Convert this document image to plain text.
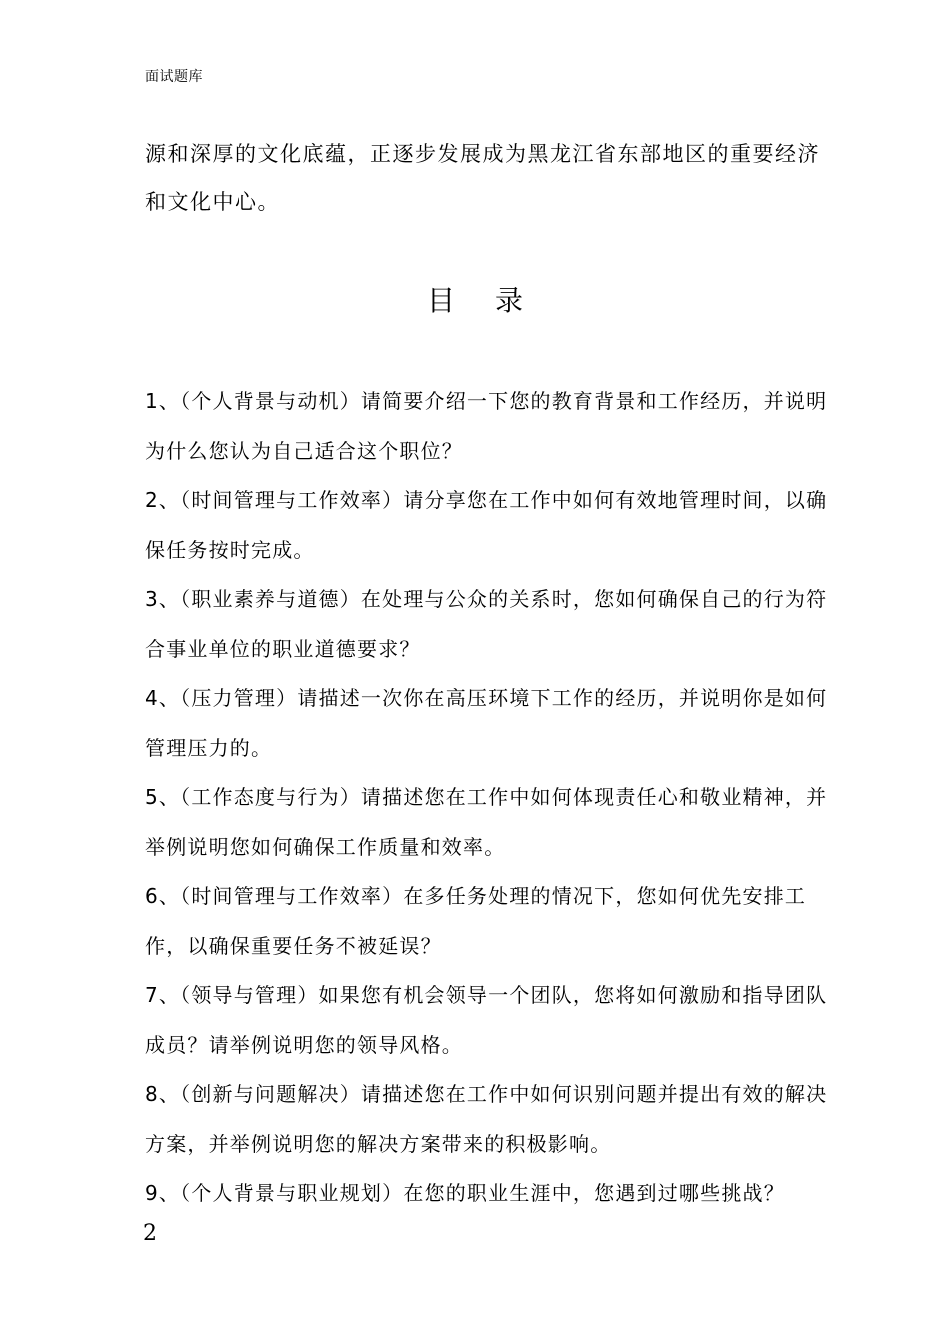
面试题库

源和深厚的文化底蕴，正逐步发展成为黑龙江省东部地区的重要经济和文化中心。

目录
1、（个人背景与动机）请简要介绍一下您的教育背景和工作经历，并说明为什么您认为自己适合这个职位？
2、（时间管理与工作效率）请分享您在工作中如何有效地管理时间，以确保任务按时完成。
3、（职业素养与道德）在处理与公众的关系时，您如何确保自己的行为符合事业单位的职业道德要求？
4、（压力管理）请描述一次你在高压环境下工作的经历，并说明你是如何管理压力的。
5、（工作态度与行为）请描述您在工作中如何体现责任心和敬业精神，并举例说明您如何确保工作质量和效率。
6、（时间管理与工作效率）在多任务处理的情况下，您如何优先安排工作，以确保重要任务不被延误？
7、（领导与管理）如果您有机会领导一个团队，您将如何激励和指导团队成员？请举例说明您的领导风格。
8、（创新与问题解决）请描述您在工作中如何识别问题并提出有效的解决方案，并举例说明您的解决方案带来的积极影响。
9、（个人背景与职业规划）在您的职业生涯中，您遇到过哪些挑战？
2
